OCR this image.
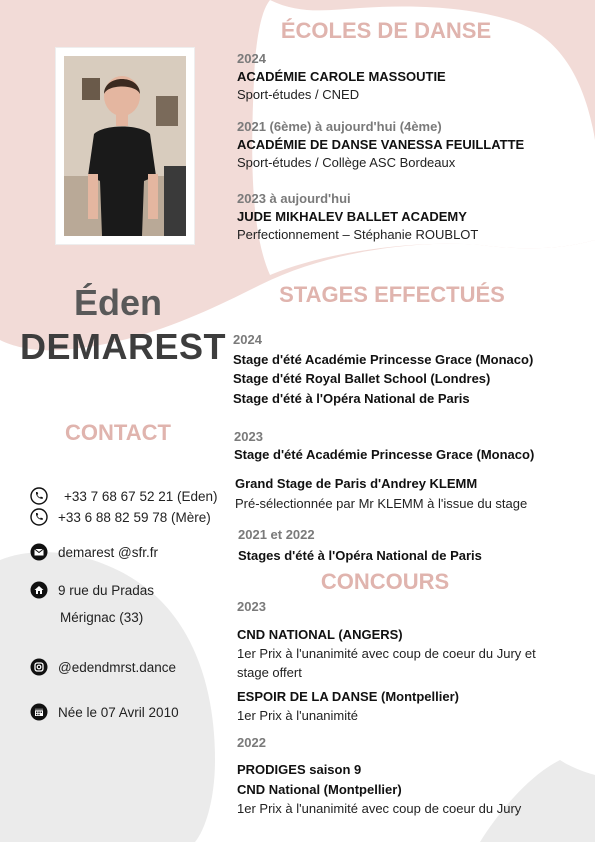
Éden
DEMAREST
CONTACT
+33 7 68 67 52 21 (Eden)
+33 6 88 82 59 78 (Mère)
demarest @sfr.fr
9 rue du Pradas
Mérignac (33)
@edendmrst.dance
Née le 07 Avril 2010
ÉCOLES DE DANSE
2024
ACADÉMIE CAROLE MASSOUTIE
Sport-études / CNED
2021 (6ème) à aujourd'hui (4ème)
ACADÉMIE DE DANSE VANESSA FEUILLATTE
Sport-études / Collège ASC Bordeaux
2023 à aujourd'hui
JUDE MIKHALEV BALLET ACADEMY
Perfectionnement – Stéphanie ROUBLOT
STAGES EFFECTUÉS
2024
Stage d'été Académie Princesse Grace (Monaco)
Stage d'été Royal Ballet School (Londres)
Stage d'été à l'Opéra National de Paris
2023
Stage d'été Académie Princesse Grace (Monaco)
Grand Stage de Paris d'Andrey KLEMM
Pré-sélectionnée par Mr KLEMM à l'issue du stage
2021 et 2022
Stages d'été à l'Opéra National de Paris
CONCOURS
2023
CND NATIONAL (ANGERS)
1er Prix à l'unanimité avec coup de coeur du Jury et
stage offert
ESPOIR DE LA DANSE (Montpellier)
1er Prix à l'unanimité
2022
PRODIGES saison 9
CND National (Montpellier)
1er Prix à l'unanimité avec coup de coeur du Jury
